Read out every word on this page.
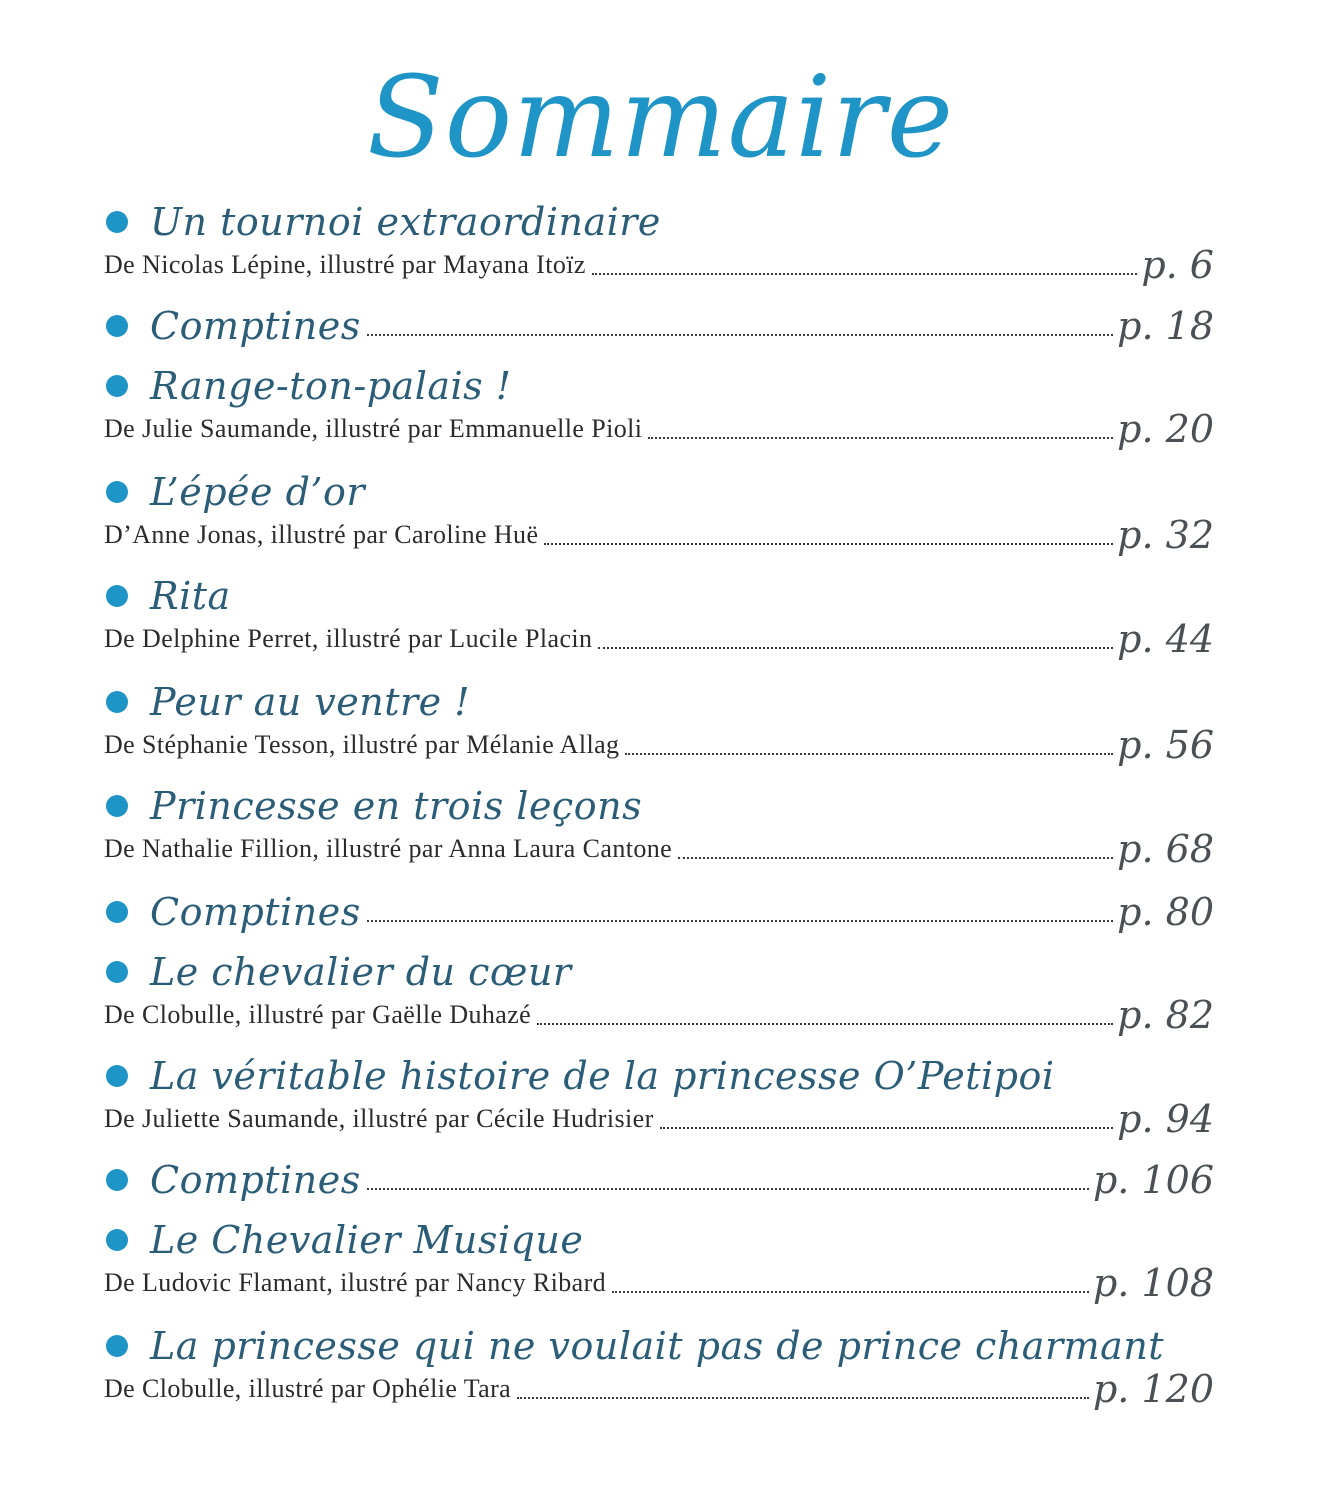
Sommaire
Un tournoi extraordinaire
De Nicolas Lépine, illustré par Mayana Itoïz	p. 6
Comptines	p. 18
Range-ton-palais !
De Julie Saumande, illustré par Emmanuelle Pioli	p. 20
L’épée d’or
D’Anne Jonas, illustré par Caroline Huë	p. 32
Rita
De Delphine Perret, illustré par Lucile Placin	p. 44
Peur au ventre !
De Stéphanie Tesson, illustré par Mélanie Allag	p. 56
Princesse en trois leçons
De Nathalie Fillion, illustré par Anna Laura Cantone	p. 68
Comptines	p. 80
Le chevalier du cœur
De Clobulle, illustré par Gaëlle Duhazé	p. 82
La véritable histoire de la princesse O’Petipoi
De Juliette Saumande, illustré par Cécile Hudrisier	p. 94
Comptines	p. 106
Le Chevalier Musique
De Ludovic Flamant, ilustré par Nancy Ribard	p. 108
La princesse qui ne voulait pas de prince charmant
De Clobulle, illustré par Ophélie Tara	p. 120
